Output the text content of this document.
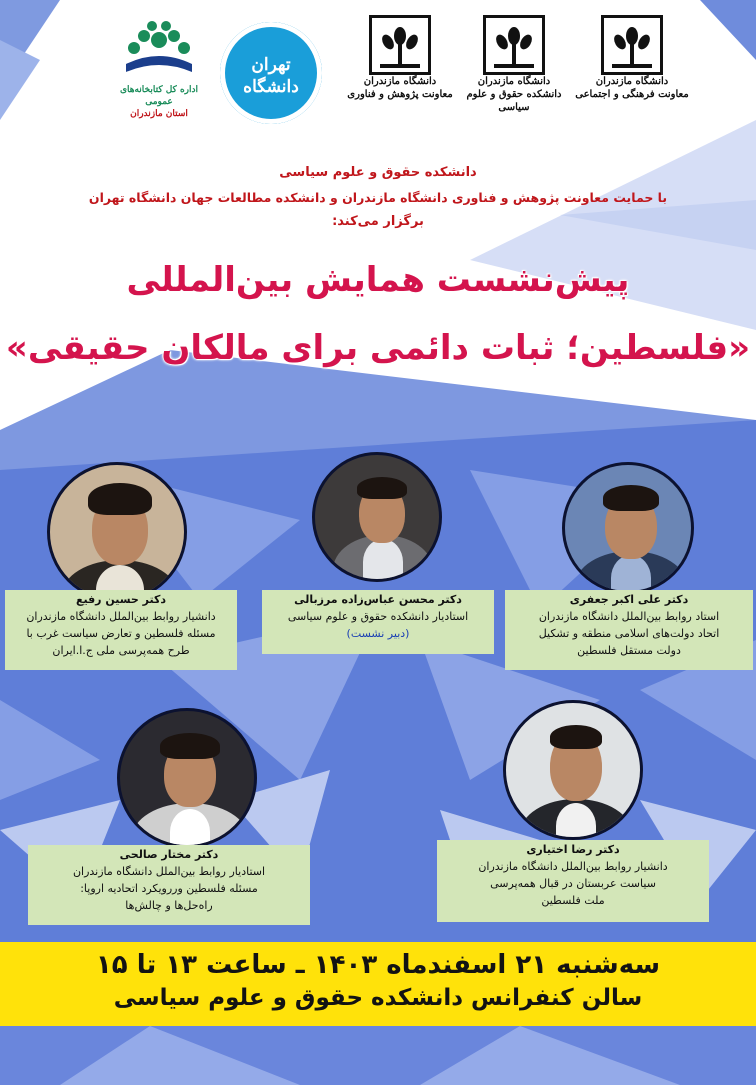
دانشگاه مازندران
معاونت فرهنگی و اجتماعی
دانشگاه مازندران
دانشکده حقوق و علوم سیاسی
دانشگاه مازندران
معاونت پژوهش و فناوری
تهران
دانشگاه
اداره کل کتابخانه‌های عمومی
استان مازندران
دانشکده حقوق و علوم سیاسی
با حمایت معاونت پژوهش و فناوری دانشگاه مازندران و دانشکده مطالعات جهان دانشگاه تهران
برگزار می‌کند:
پیش‌نشست همایش بین‌المللی
«فلسطین؛ ثبات دائمی برای مالکان حقیقی»
دکتر حسین رفیع
دانشیار روابط بین‌الملل دانشگاه مازندران
مسئله فلسطین و تعارض سیاست غرب با
طرح همه‌پرسی ملی ج.ا.ایران
دکتر محسن عباس‌زاده مرزبالی
استادیار دانشکده حقوق و علوم سیاسی
(دبیر نشست)
دکتر علی اکبر جعفری
استاد روابط بین‌الملل دانشگاه مازندران
اتحاد دولت‌های اسلامی منطقه و تشکیل
دولت مستقل فلسطین
دکتر مختار صالحی
استادیار روابط بین‌الملل دانشگاه مازندران
مسئله فلسطین وررویکرد اتحادیه اروپا:
راه‌حل‌ها و چالش‌ها
دکتر رضا اختیاری
دانشیار روابط بین‌الملل دانشگاه مازندران
سیاست عربستان در قبال همه‌پرسی
ملت فلسطین
سه‌شنبه ۲۱ اسفندماه ۱۴۰۳ ـ ساعت ۱۳ تا ۱۵
سالن کنفرانس دانشکده حقوق و علوم سیاسی
